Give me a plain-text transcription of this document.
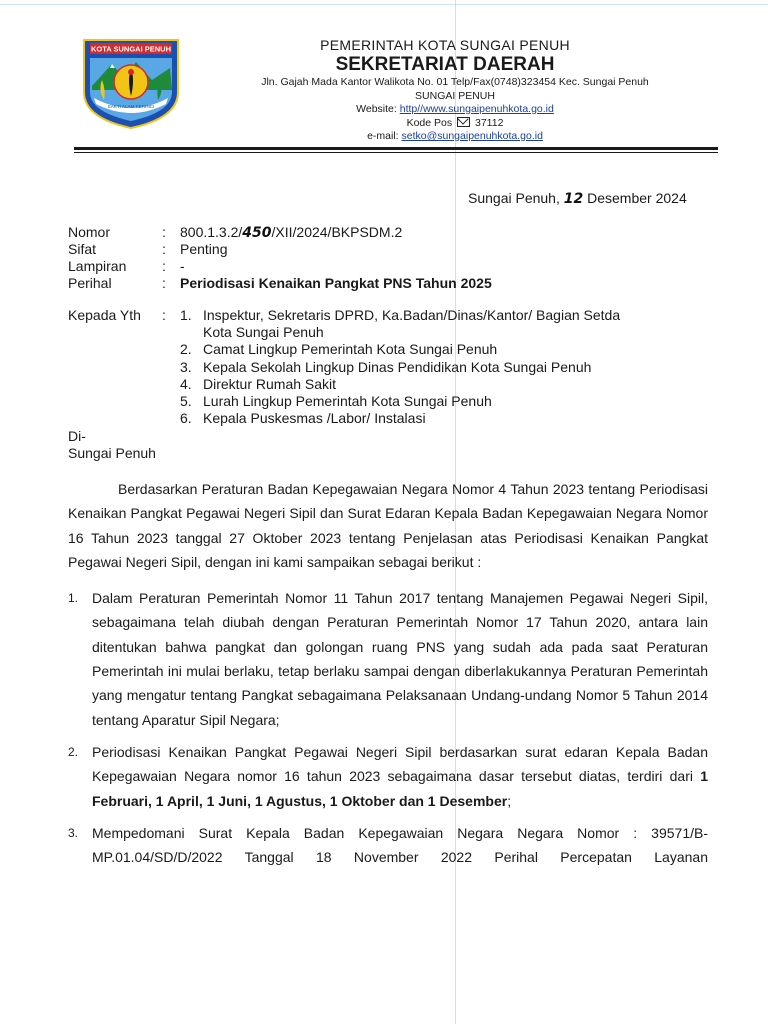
KOTA SUNGAI PENUH
SAKTI ALAM KERINCI
PEMERINTAH KOTA SUNGAI PENUH
SEKRETARIAT DAERAH
Jln. Gajah Mada Kantor Walikota No. 01 Telp/Fax(0748)323454 Kec. Sungai Penuh
SUNGAI PENUH
Website: http//www.sungaipenuhkota.go.id
Kode Pos 37112
e-mail: setko@sungaipenuhkota.go.id
Sungai Penuh, 12 Desember 2024
Nomor	: 800.1.3.2/450/XII/2024/BKPSDM.2
Sifat	: Penting
Lampiran	: -
Perihal	: Periodisasi Kenaikan Pangkat PNS Tahun 2025
Kepada Yth : 1. Inspektur, Sekretaris DPRD, Ka.Badan/Dinas/Kantor/ Bagian Setda
Kota Sungai Penuh
2. Camat Lingkup Pemerintah Kota Sungai Penuh
3. Kepala Sekolah Lingkup Dinas Pendidikan Kota Sungai Penuh
4. Direktur Rumah Sakit
5. Lurah Lingkup Pemerintah Kota Sungai Penuh
6. Kepala Puskesmas /Labor/ Instalasi
Di-
Sungai Penuh

Berdasarkan Peraturan Badan Kepegawaian Negara Nomor 4 Tahun 2023 tentang Periodisasi Kenaikan Pangkat Pegawai Negeri Sipil dan Surat Edaran Kepala Badan Kepegawaian Negara Nomor 16 Tahun 2023 tanggal 27 Oktober 2023 tentang Penjelasan atas Periodisasi Kenaikan Pangkat Pegawai Negeri Sipil, dengan ini kami sampaikan sebagai berikut :

1. Dalam Peraturan Pemerintah Nomor 11 Tahun 2017 tentang Manajemen Pegawai Negeri Sipil, sebagaimana telah diubah dengan Peraturan Pemerintah Nomor 17 Tahun 2020, antara lain ditentukan bahwa pangkat dan golongan ruang PNS yang sudah ada pada saat Peraturan Pemerintah ini mulai berlaku, tetap berlaku sampai dengan diberlakukannya Peraturan Pemerintah yang mengatur tentang Pangkat sebagaimana Pelaksanaan Undang-undang Nomor 5 Tahun 2014 tentang Aparatur Sipil Negara;
2. Periodisasi Kenaikan Pangkat Pegawai Negeri Sipil berdasarkan surat edaran Kepala Badan Kepegawaian Negara nomor 16 tahun 2023 sebagaimana dasar tersebut diatas, terdiri dari 1 Februari, 1 April, 1 Juni, 1 Agustus, 1 Oktober dan 1 Desember;
3. Mempedomani Surat Kepala Badan Kepegawaian Negara Negara Nomor : 39571/B-MP.01.04/SD/D/2022 Tanggal 18 November 2022 Perihal Percepatan Layanan
